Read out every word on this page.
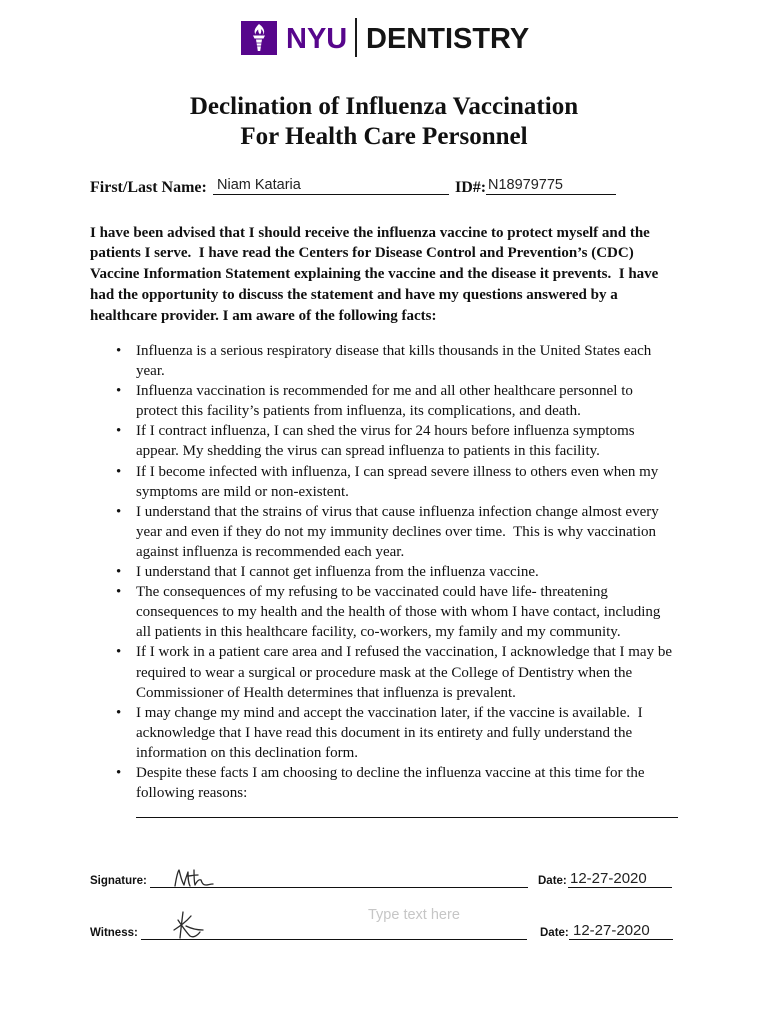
NYU DENTISTRY
Declination of Influenza Vaccination
For Health Care Personnel
First/Last Name: Niam Kataria	ID#: N18979775

I have been advised that I should receive the influenza vaccine to protect myself and the patients I serve.  I have read the Centers for Disease Control and Prevention’s (CDC) Vaccine Information Statement explaining the vaccine and the disease it prevents.  I have had the opportunity to discuss the statement and have my questions answered by a healthcare provider. I am aware of the following facts:

• Influenza is a serious respiratory disease that kills thousands in the United States each year.
• Influenza vaccination is recommended for me and all other healthcare personnel to protect this facility’s patients from influenza, its complications, and death.
• If I contract influenza, I can shed the virus for 24 hours before influenza symptoms appear. My shedding the virus can spread influenza to patients in this facility.
• If I become infected with influenza, I can spread severe illness to others even when my symptoms are mild or non-existent.
• I understand that the strains of virus that cause influenza infection change almost every year and even if they do not my immunity declines over time.  This is why vaccination against influenza is recommended each year.
• I understand that I cannot get influenza from the influenza vaccine.
• The consequences of my refusing to be vaccinated could have life- threatening consequences to my health and the health of those with whom I have contact, including all patients in this healthcare facility, co-workers, my family and my community.
• If I work in a patient care area and I refused the vaccination, I acknowledge that I may be required to wear a surgical or procedure mask at the College of Dentistry when the Commissioner of Health determines that influenza is prevalent.
• I may change my mind and accept the vaccination later, if the vaccine is available.  I acknowledge that I have read this document in its entirety and fully understand the information on this declination form.
• Despite these facts I am choosing to decline the influenza vaccine at this time for the following reasons:
Signature:	Date: 12-27-2020
Type text here
Witness:	Date: 12-27-2020
